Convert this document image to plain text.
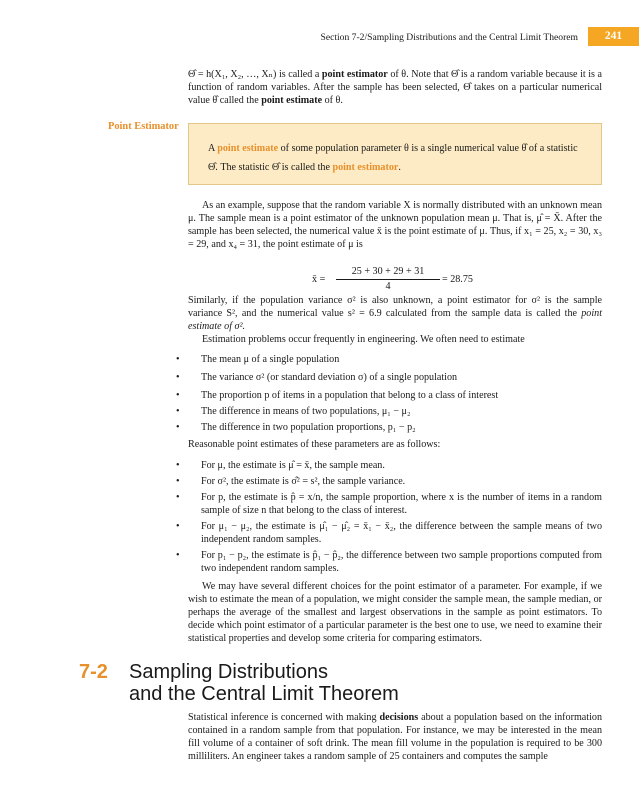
Section 7-2/Sampling Distributions and the Central Limit Theorem	241
Θ̂ = h(X₁, X₂, …, Xₙ) is called a point estimator of θ. Note that Θ̂ is a random variable because it is a function of random variables. After the sample has been selected, Θ̂ takes on a particular numerical value θ̂ called the point estimate of θ.
Point Estimator
A point estimate of some population parameter θ is a single numerical value θ̂ of a statistic Θ̂. The statistic Θ̂ is called the point estimator.
As an example, suppose that the random variable X is normally distributed with an unknown mean μ. The sample mean is a point estimator of the unknown population mean μ. That is, μ̂ = X̄. After the sample has been selected, the numerical value x̄ is the point estimate of μ. Thus, if x₁ = 25, x₂ = 30, x₃ = 29, and x₄ = 31, the point estimate of μ is
x̄ =
25 + 30 + 29 + 31
4
= 28.75
Similarly, if the population variance σ² is also unknown, a point estimator for σ² is the sample variance S², and the numerical value s² = 6.9 calculated from the sample data is called the point estimate of σ².
Estimation problems occur frequently in engineering. We often need to estimate
•	The mean μ of a single population
•	The variance σ² (or standard deviation σ) of a single population
•	The proportion p of items in a population that belong to a class of interest
•	The difference in means of two populations, μ₁ − μ₂
•	The difference in two population proportions, p₁ − p₂
Reasonable point estimates of these parameters are as follows:
•	For μ, the estimate is μ̂ = x̄, the sample mean.
•	For σ², the estimate is σ̂² = s², the sample variance.
•	For p, the estimate is p̂ = x/n, the sample proportion, where x is the number of items in a random sample of size n that belong to the class of interest.
•	For μ₁ − μ₂, the estimate is μ̂₁ − μ̂₂ = x̄₁ − x̄₂, the difference between the sample means of two independent random samples.
•	For p₁ − p₂, the estimate is p̂₁ − p̂₂, the difference between two sample proportions computed from two independent random samples.
We may have several different choices for the point estimator of a parameter. For example, if we wish to estimate the mean of a population, we might consider the sample mean, the sample median, or perhaps the average of the smallest and largest observations in the sample as point estimators. To decide which point estimator of a particular parameter is the best one to use, we need to examine their statistical properties and develop some criteria for comparing estimators.
7-2 Sampling Distributions
and the Central Limit Theorem
Statistical inference is concerned with making decisions about a population based on the information contained in a random sample from that population. For instance, we may be interested in the mean fill volume of a container of soft drink. The mean fill volume in the population is required to be 300 milliliters. An engineer takes a random sample of 25 containers and computes the sample
